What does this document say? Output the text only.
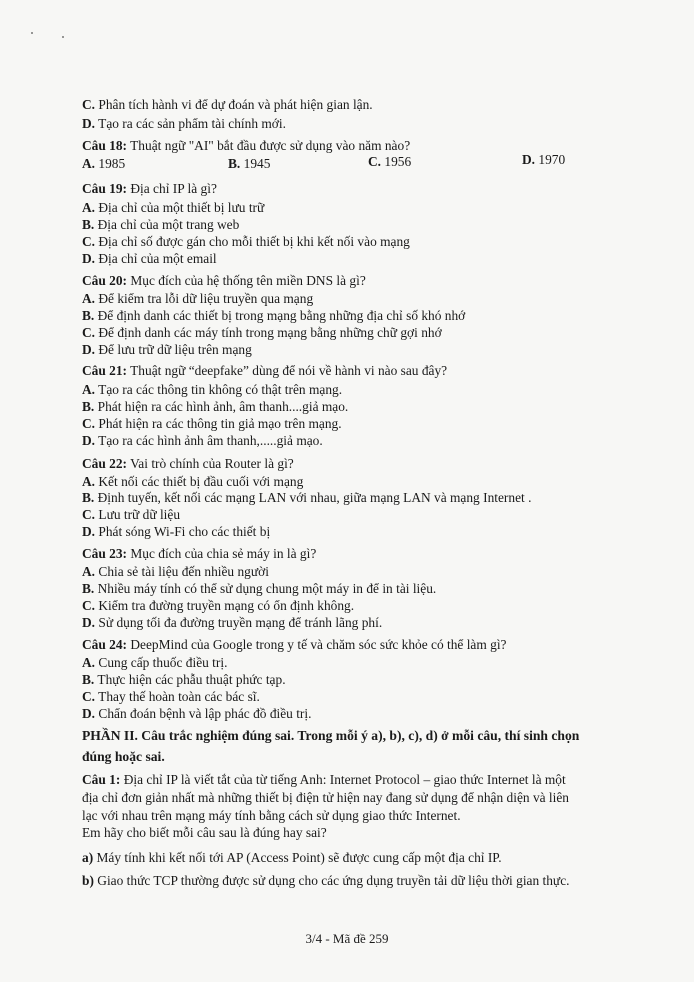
C. Phân tích hành vi để dự đoán và phát hiện gian lận.
D. Tạo ra các sản phẩm tài chính mới.
Câu 18: Thuật ngữ "AI" bắt đầu được sử dụng vào năm nào?
A. 1985	B. 1945	C. 1956	D. 1970
Câu 19: Địa chỉ IP là gì?
A. Địa chỉ của một thiết bị lưu trữ
B. Địa chỉ của một trang web
C. Địa chỉ số được gán cho mỗi thiết bị khi kết nối vào mạng
D. Địa chỉ của một email
Câu 20: Mục đích của hệ thống tên miền DNS là gì?
A. Để kiểm tra lỗi dữ liệu truyền qua mạng
B. Để định danh các thiết bị trong mạng bằng những địa chỉ số khó nhớ
C. Để định danh các máy tính trong mạng bằng những chữ gợi nhớ
D. Để lưu trữ dữ liệu trên mạng
Câu 21: Thuật ngữ “deepfake” dùng để nói về hành vi nào sau đây?
A. Tạo ra các thông tin không có thật trên mạng.
B. Phát hiện ra các hình ảnh, âm thanh....giả mạo.
C. Phát hiện ra các thông tin giả mạo trên mạng.
D. Tạo ra các hình ảnh âm thanh,.....giả mạo.
Câu 22: Vai trò chính của Router là gì?
A. Kết nối các thiết bị đầu cuối với mạng
B. Định tuyến, kết nối các mạng LAN với nhau, giữa mạng LAN và mạng Internet .
C. Lưu trữ dữ liệu
D. Phát sóng Wi-Fi cho các thiết bị
Câu 23: Mục đích của chia sẻ máy in là gì?
A. Chia sẻ tài liệu đến nhiều người
B. Nhiều máy tính có thể sử dụng chung một máy in để in tài liệu.
C. Kiểm tra đường truyền mạng có ổn định không.
D. Sử dụng tối đa đường truyền mạng để tránh lãng phí.
Câu 24: DeepMind của Google trong y tế và chăm sóc sức khỏe có thể làm gì?
A. Cung cấp thuốc điều trị.
B. Thực hiện các phẫu thuật phức tạp.
C. Thay thế hoàn toàn các bác sĩ.
D. Chẩn đoán bệnh và lập phác đồ điều trị.
PHẦN II. Câu trắc nghiệm đúng sai. Trong mỗi ý a), b), c), d) ở mỗi câu, thí sinh chọn
đúng hoặc sai.
Câu 1: Địa chỉ IP là viết tắt của từ tiếng Anh: Internet Protocol – giao thức Internet là một
địa chỉ đơn giản nhất mà những thiết bị điện tử hiện nay đang sử dụng để nhận diện và liên
lạc với nhau trên mạng máy tính bằng cách sử dụng giao thức Internet.
Em hãy cho biết mỗi câu sau là đúng hay sai?
a) Máy tính khi kết nối tới AP (Access Point) sẽ được cung cấp một địa chỉ IP.
b) Giao thức TCP thường được sử dụng cho các ứng dụng truyền tải dữ liệu thời gian thực.
3/4 - Mã đề 259
